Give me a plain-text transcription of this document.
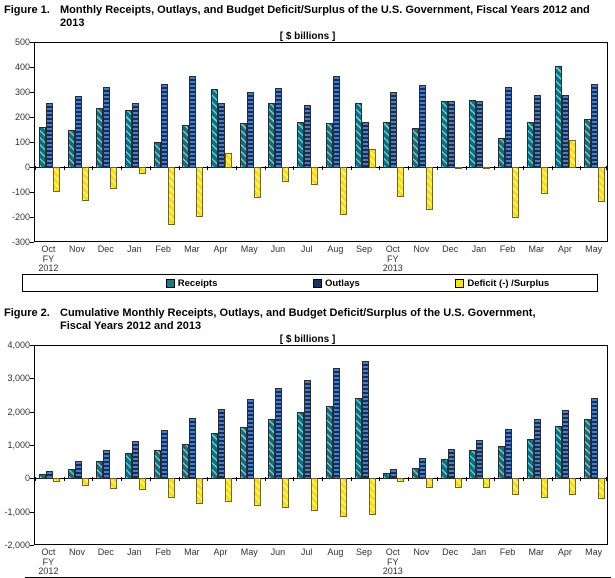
Figure 1. Monthly Receipts, Outlays, and Budget Deficit/Surplus of the U.S. Government, Fiscal Years 2012 and 2013
[ $ billions ]
500
400
300
200
100
0
-100
-200
-300
Oct
FY
2012
Nov	Dec	Jan	Feb	Mar	Apr	May	Jun	Jul	Aug	Sep	Oct
FY
2013
Nov	Dec	Jan	Feb	Mar	Apr	May
Receipts	Outlays	Deficit (-) /Surplus
Figure 2. Cumulative Monthly Receipts, Outlays, and Budget Deficit/Surplus of the U.S. Government,
Fiscal Years 2012 and 2013
[ $ billions ]
4,000
3,000
2,000
1,000
0
-1,000
-2,000
Oct
FY
2012
Nov	Dec	Jan	Feb	Mar	Apr	May	Jun	Jul	Aug	Sep	Oct
FY
2013
Nov	Dec	Jan	Feb	Mar	Apr	May
